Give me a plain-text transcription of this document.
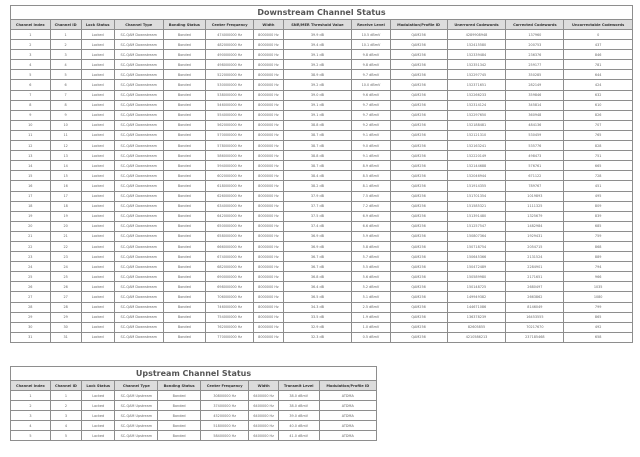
Downstream Channel Status												
Channel Index	Channel ID	Lock Status	Channel Type	Bonding Status	Center Frequency	Width	SNR/MER Threshold Value	Receive Level	Modulation/Profile ID	Unerrored Codewords	Corrected Codewords	Uncorrectable Codewords
1	1	Locked	SC-QAM Downstream	Bonded	474000000 Hz	8000000 Hz	39.9 dB	10.5 dBmV	QAM256	4289908948	137960	0
2	2	Locked	SC-QAM Downstream	Bonded	482000000 Hz	8000000 Hz	39.4 dB	10.1 dBmV	QAM256	152415580	200753	437
3	3	Locked	SC-QAM Downstream	Bonded	490000000 Hz	8000000 Hz	39.1 dB	9.8 dBmV	QAM256	152339484	236376	846
4	4	Locked	SC-QAM Downstream	Bonded	498000000 Hz	8000000 Hz	39.2 dB	9.8 dBmV	QAM256	152351342	259177	781
5	5	Locked	SC-QAM Downstream	Bonded	522000000 Hz	8000000 Hz	38.9 dB	9.7 dBmV	QAM256	152297745	350285	644
6	6	Locked	SC-QAM Downstream	Bonded	530000000 Hz	8000000 Hz	39.2 dB	10.0 dBmV	QAM256	152371651	282149	424
7	7	Locked	SC-QAM Downstream	Bonded	538000000 Hz	8000000 Hz	39.0 dB	9.6 dBmV	QAM256	152266233	359846	632
8	8	Locked	SC-QAM Downstream	Bonded	546000000 Hz	8000000 Hz	39.1 dB	9.7 dBmV	QAM256	152314124	345814	610
9	9	Locked	SC-QAM Downstream	Bonded	554000000 Hz	8000000 Hz	39.1 dB	9.7 dBmV	QAM256	152297650	360948	826
10	10	Locked	SC-QAM Downstream	Bonded	562000000 Hz	8000000 Hz	38.8 dB	9.2 dBmV	QAM256	152188481	484136	707
11	11	Locked	SC-QAM Downstream	Bonded	570000000 Hz	8000000 Hz	38.7 dB	9.1 dBmV	QAM256	152121310	530459	765
12	12	Locked	SC-QAM Downstream	Bonded	578000000 Hz	8000000 Hz	38.7 dB	9.0 dBmV	QAM256	152163241	535776	828
13	13	Locked	SC-QAM Downstream	Bonded	586000000 Hz	8000000 Hz	38.8 dB	9.1 dBmV	QAM256	152220149	498473	751
14	14	Locked	SC-QAM Downstream	Bonded	594000000 Hz	8000000 Hz	38.7 dB	8.9 dBmV	QAM256	152144688	576761	665
15	15	Locked	SC-QAM Downstream	Bonded	602000000 Hz	8000000 Hz	38.4 dB	8.5 dBmV	QAM256	152046944	671122	728
16	16	Locked	SC-QAM Downstream	Bonded	618000000 Hz	8000000 Hz	38.2 dB	8.1 dBmV	QAM256	151914355	789767	451
17	17	Locked	SC-QAM Downstream	Bonded	626000000 Hz	8000000 Hz	37.9 dB	7.5 dBmV	QAM256	151701354	1019893	495
18	18	Locked	SC-QAM Downstream	Bonded	634000000 Hz	8000000 Hz	37.7 dB	7.2 dBmV	QAM256	151585321	1111325	809
19	19	Locked	SC-QAM Downstream	Bonded	642000000 Hz	8000000 Hz	37.5 dB	6.9 dBmV	QAM256	151391480	1325679	839
20	20	Locked	SC-QAM Downstream	Bonded	650000000 Hz	8000000 Hz	37.4 dB	6.6 dBmV	QAM256	151257547	1482984	685
21	21	Locked	SC-QAM Downstream	Bonded	658000000 Hz	8000000 Hz	36.9 dB	5.9 dBmV	QAM256	150807364	1929431	759
22	22	Locked	SC-QAM Downstream	Bonded	666000000 Hz	8000000 Hz	36.9 dB	5.8 dBmV	QAM256	150718754	2054715	868
23	23	Locked	SC-QAM Downstream	Bonded	674000000 Hz	8000000 Hz	36.7 dB	5.7 dBmV	QAM256	150645366	2131524	889
24	24	Locked	SC-QAM Downstream	Bonded	682000000 Hz	8000000 Hz	36.7 dB	5.5 dBmV	QAM256	150472489	2284901	794
25	25	Locked	SC-QAM Downstream	Bonded	690000000 Hz	8000000 Hz	36.8 dB	5.6 dBmV	QAM256	150589980	2171651	966
26	26	Locked	SC-QAM Downstream	Bonded	698000000 Hz	8000000 Hz	36.4 dB	5.2 dBmV	QAM256	150148725	2680497	1035
27	27	Locked	SC-QAM Downstream	Bonded	706000000 Hz	8000000 Hz	36.5 dB	5.1 dBmV	QAM256	149949382	2663862	1080
28	28	Locked	SC-QAM Downstream	Bonded	746000000 Hz	8000000 Hz	34.3 dB	2.5 dBmV	QAM256	144671086	8146049	799
29	29	Locked	SC-QAM Downstream	Bonded	754000000 Hz	8000000 Hz	33.5 dB	1.9 dBmV	QAM256	136378239	16453555	865
30	30	Locked	SC-QAM Downstream	Bonded	762000000 Hz	8000000 Hz	32.9 dB	1.0 dBmV	QAM256	82605855	70217670	492
31	31	Locked	SC-QAM Downstream	Bonded	770000000 Hz	8000000 Hz	32.3 dB	0.5 dBmV	QAM256	4210586213	237185468	658
Upstream Channel Status								
Channel Index	Channel ID	Lock Status	Channel Type	Bonding Status	Center Frequency	Width	Transmit Level	Modulation/Profile ID
1	1	Locked	SC-QAM Upstream	Bonded	30800000 Hz	6400000 Hz	38.0 dBmV	ATDMA
2	2	Locked	SC-QAM Upstream	Bonded	37400000 Hz	6400000 Hz	38.0 dBmV	ATDMA
3	3	Locked	SC-QAM Upstream	Bonded	45200000 Hz	6400000 Hz	39.0 dBmV	ATDMA
4	4	Locked	SC-QAM Upstream	Bonded	51800000 Hz	6400000 Hz	40.0 dBmV	ATDMA
5	5	Locked	SC-QAM Upstream	Bonded	58400000 Hz	6400000 Hz	41.0 dBmV	ATDMA
